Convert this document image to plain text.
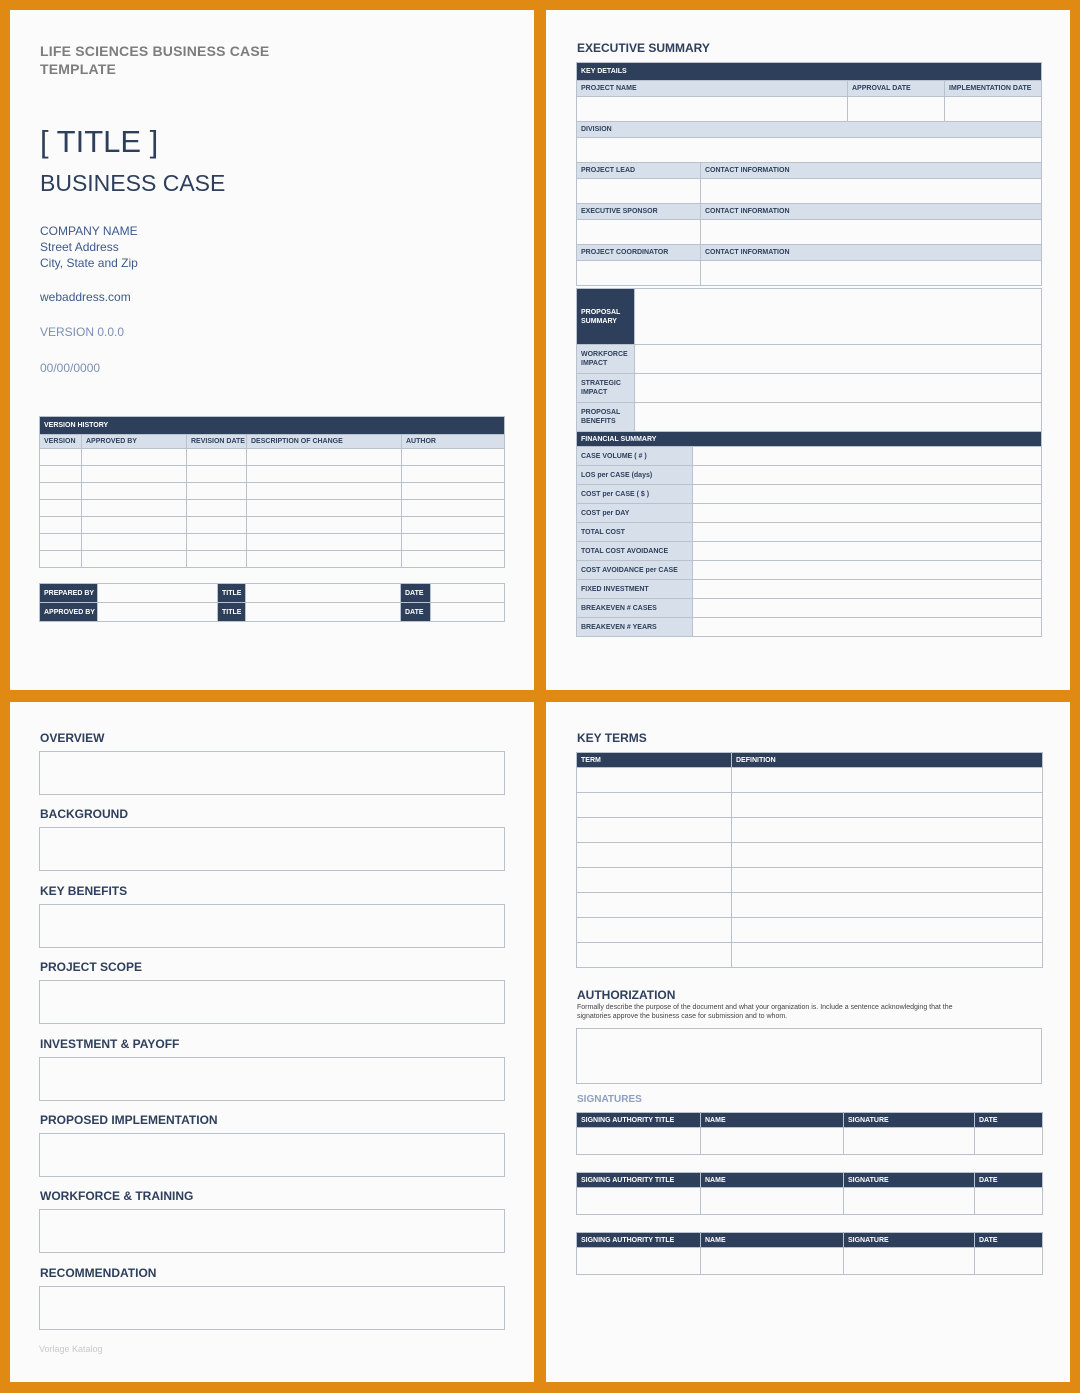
LIFE SCIENCES BUSINESS CASE
TEMPLATE
[ TITLE ]
BUSINESS CASE
COMPANY NAME
Street Address
City, State and Zip
webaddress.com
VERSION 0.0.0
00/00/0000
VERSION HISTORY				
VERSION	APPROVED BY	REVISION DATE	DESCRIPTION OF CHANGE	AUTHOR

PREPARED BY		TITLE		DATE	
APPROVED BY		TITLE		DATE	
EXECUTIVE SUMMARY
KEY DETAILS			
PROJECT NAME		APPROVAL DATE	IMPLEMENTATION DATE

DIVISION			

PROJECT LEAD	CONTACT INFORMATION		

EXECUTIVE SPONSOR	CONTACT INFORMATION		

PROJECT COORDINATOR	CONTACT INFORMATION		

PROPOSAL SUMMARY	
WORKFORCE IMPACT	
STRATEGIC IMPACT	
PROPOSAL BENEFITS	
FINANCIAL SUMMARY	
CASE VOLUME ( # )	
LOS per CASE (days)	
COST per CASE ( $ )	
COST per DAY	
TOTAL COST	
TOTAL COST AVOIDANCE	
COST AVOIDANCE per CASE	
FIXED INVESTMENT	
BREAKEVEN # CASES	
BREAKEVEN # YEARS	
OVERVIEW
BACKGROUND
KEY BENEFITS
PROJECT SCOPE
INVESTMENT & PAYOFF
PROPOSED IMPLEMENTATION
WORKFORCE & TRAINING
RECOMMENDATION
Vorlage Katalog
KEY TERMS
TERM	DEFINITION

AUTHORIZATION
Formally describe the purpose of the document and what your organization is. Include a sentence acknowledging that the
signatories approve the business case for submission and to whom.
SIGNATURES
SIGNING AUTHORITY TITLE	NAME	SIGNATURE	DATE

SIGNING AUTHORITY TITLE	NAME	SIGNATURE	DATE

SIGNING AUTHORITY TITLE	NAME	SIGNATURE	DATE
